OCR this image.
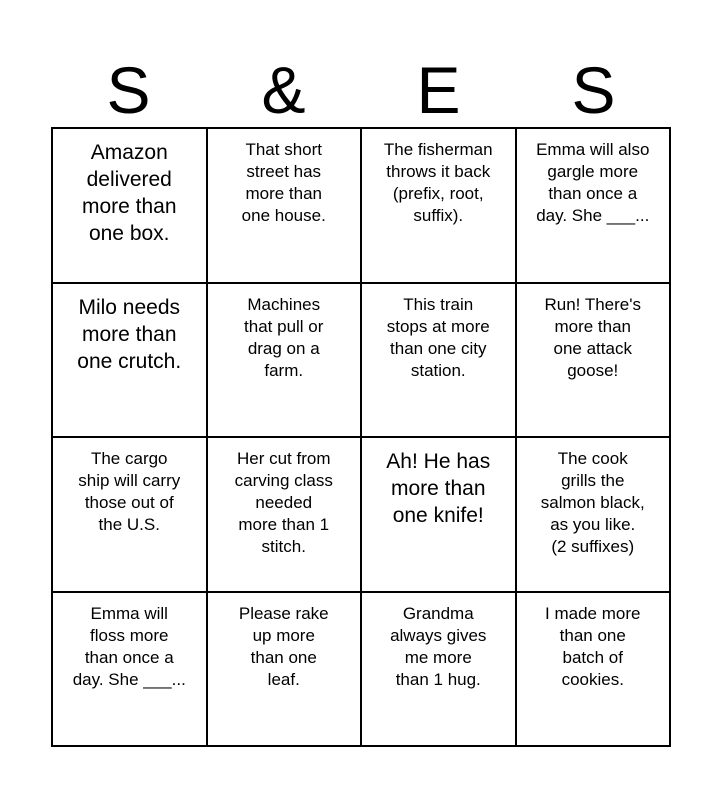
S	&	E	S
Amazon
delivered
more than
one box.
That short
street has
more than
one house.
The fisherman
throws it back
(prefix, root,
suffix).
Emma will also
gargle more
than once a
day. She ___...
Milo needs
more than
one crutch.
Machines
that pull or
drag on a
farm.
This train
stops at more
than one city
station.
Run! There's
more than
one attack
goose!
The cargo
ship will carry
those out of
the U.S.
Her cut from
carving class
needed
more than 1
stitch.
Ah! He has
more than
one knife!
The cook
grills the
salmon black,
as you like.
(2 suffixes)
Emma will
floss more
than once a
day. She ___...
Please rake
up more
than one
leaf.
Grandma
always gives
me more
than 1 hug.
I made more
than one
batch of
cookies.
